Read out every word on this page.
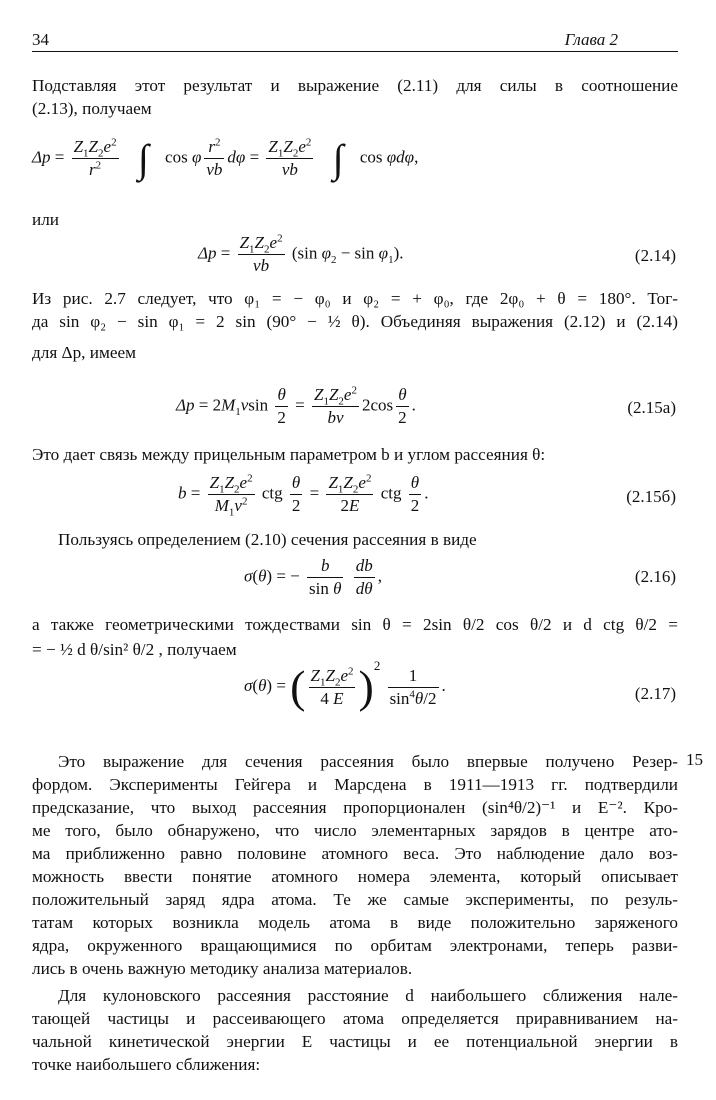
34	Глава 2
Подставляя этот результат и выражение (2.11) для силы в соотношение
(2.13), получаем
$\Delta p = \frac{Z_1Z_2e^2}{r^2}$ ∫ cos φ $\frac{r^2}{vb}$ $d\varphi = \frac{Z_1Z_2e^2}{vb}$ ∫ cos φdφ,
или
$\Delta p = \frac{Z_1Z_2e^2}{vb} (\sin$ $\varphi_2 - \sin \varphi_1$).	(2.14)
Из рис. 2.7 следует, что φ₁ = − φ₀ и φ₂ = + φ₀, где 2φ₀ + θ = 180°. Тог-
да sin φ₂ − sin φ₁ = 2 sin (90° − ½ θ). Объединяя выражения (2.12) и (2.14)
для Δp, имеем
$\Delta p = 2M_1vsin \frac{\theta}{2} = \frac{Z_1Z_2e^2}{bv} 2\cos \frac{\theta}{2}$ .	(2.15a)
Это дает связь между прицельным параметром b и углом рассеяния θ:
$b = \frac{Z_1Z_2e^2}{M_1v^2}$ ctg $\frac{\theta}{2} = \frac{Z_1Z_2e^2}{2E}$ ctg $\frac{\theta}{2}$ .	(2.15б)
Пользуясь определением (2.10) сечения рассеяния в виде
σ(θ) = − $\frac{b}{\text{sin θ}}$
$\frac{db}{d\theta}$ ,	(2.16)
а также геометрическими тождествами sin θ = 2sin θ/2 cos θ/2 и d ctg θ/2 =
= − ½ d θ/sin² θ/2 , получаем
σ(θ) = ( $\frac{Z_1Z_2e^2}{4 E} )^2 \frac{1}{\sin^4\theta/2}$ .	(2.17)
Это выражение для сечения рассеяния было впервые получено Резер-
фордом. Эксперименты Гейгера и Марсдена в 1911—1913 гг. подтвердили
предсказание, что выход рассеяния пропорционален (sin⁴θ/2)⁻¹ и E⁻². Кро-
ме того, было обнаружено, что число элементарных зарядов в центре ато-
ма приближенно равно половине атомного веса. Это наблюдение дало воз-
можность ввести понятие атомного номера элемента, который описывает
положительный заряд ядра атома. Те же самые эксперименты, по резуль-
татам которых возникла модель атома в виде положительно заряженого
ядра, окруженного вращающимися по орбитам электронами, теперь разви-
лись в очень важную методику анализа материалов.
15
Для кулоновского рассеяния расстояние d наибольшего сближения нале-
тающей частицы и рассеивающего атома определяется приравниванием на-
чальной кинетической энергии E частицы и ее потенциальной энергии в
точке наибольшего сближения:
